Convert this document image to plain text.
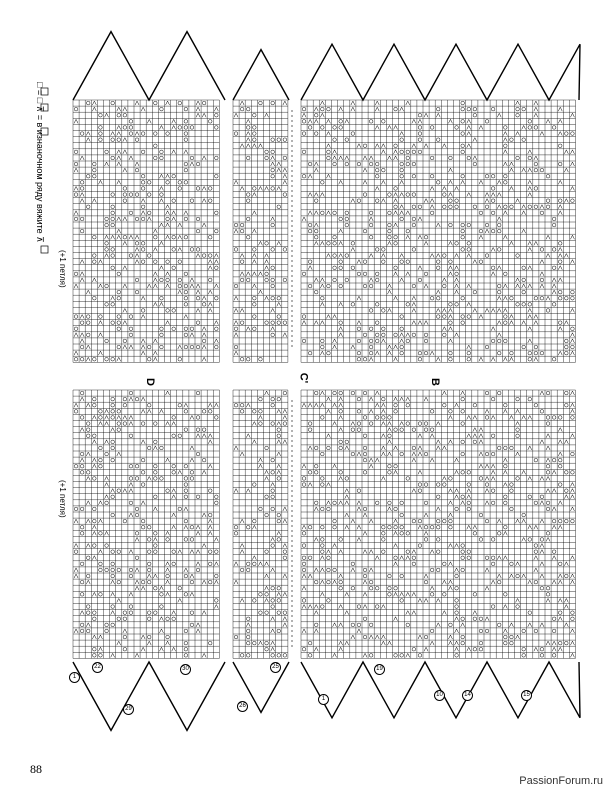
□ = □ ⊼ = в изнаночном ряду вяжите ⊼
D	C'	B
(+1 петля)
(+1 петля)
1
22
29
30
26
25
1
19
10	14	15
88
PassionForum.ru
